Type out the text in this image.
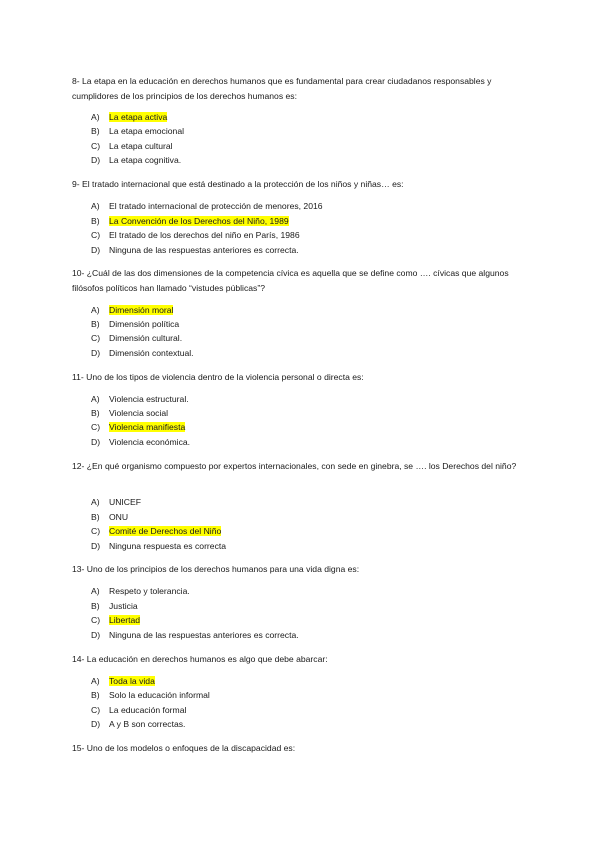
8- La etapa en la educación en derechos humanos que es fundamental para crear ciudadanos responsables y cumplidores de los principios de los derechos humanos es:
A) La etapa activa
B) La etapa emocional
C) La etapa cultural
D) La etapa cognitiva.
9- El tratado internacional que está destinado a la protección de los niños y niñas… es:
A) El tratado internacional de protección de menores, 2016
B) La Convención de los Derechos del Niño, 1989
C) El tratado de los derechos del niño en París, 1986
D) Ninguna de las respuestas anteriores es correcta.
10- ¿Cuál de las dos dimensiones de la competencia cívica es aquella que se define como …. cívicas que algunos filósofos políticos han llamado “vistudes públicas”?
A) Dimensión moral
B) Dimensión política
C) Dimensión cultural.
D) Dimensión contextual.
11- Uno de los tipos de violencia dentro de la violencia personal o directa es:
A) Violencia estructural.
B) Violencia social
C) Violencia manifiesta
D) Violencia económica.
12- ¿En qué organismo compuesto por expertos internacionales, con sede en ginebra, se …. los Derechos del niño?
A) UNICEF
B) ONU
C) Comité de Derechos del Niño
D) Ninguna respuesta es correcta
13- Uno de los principios de los derechos humanos para una vida digna es:
A) Respeto y tolerancia.
B) Justicia
C) Libertad
D) Ninguna de las respuestas anteriores es correcta.
14- La educación en derechos humanos es algo que debe abarcar:
A) Toda la vida
B) Solo la educación informal
C) La educación formal
D) A y B son correctas.
15- Uno de los modelos o enfoques de la discapacidad es:
